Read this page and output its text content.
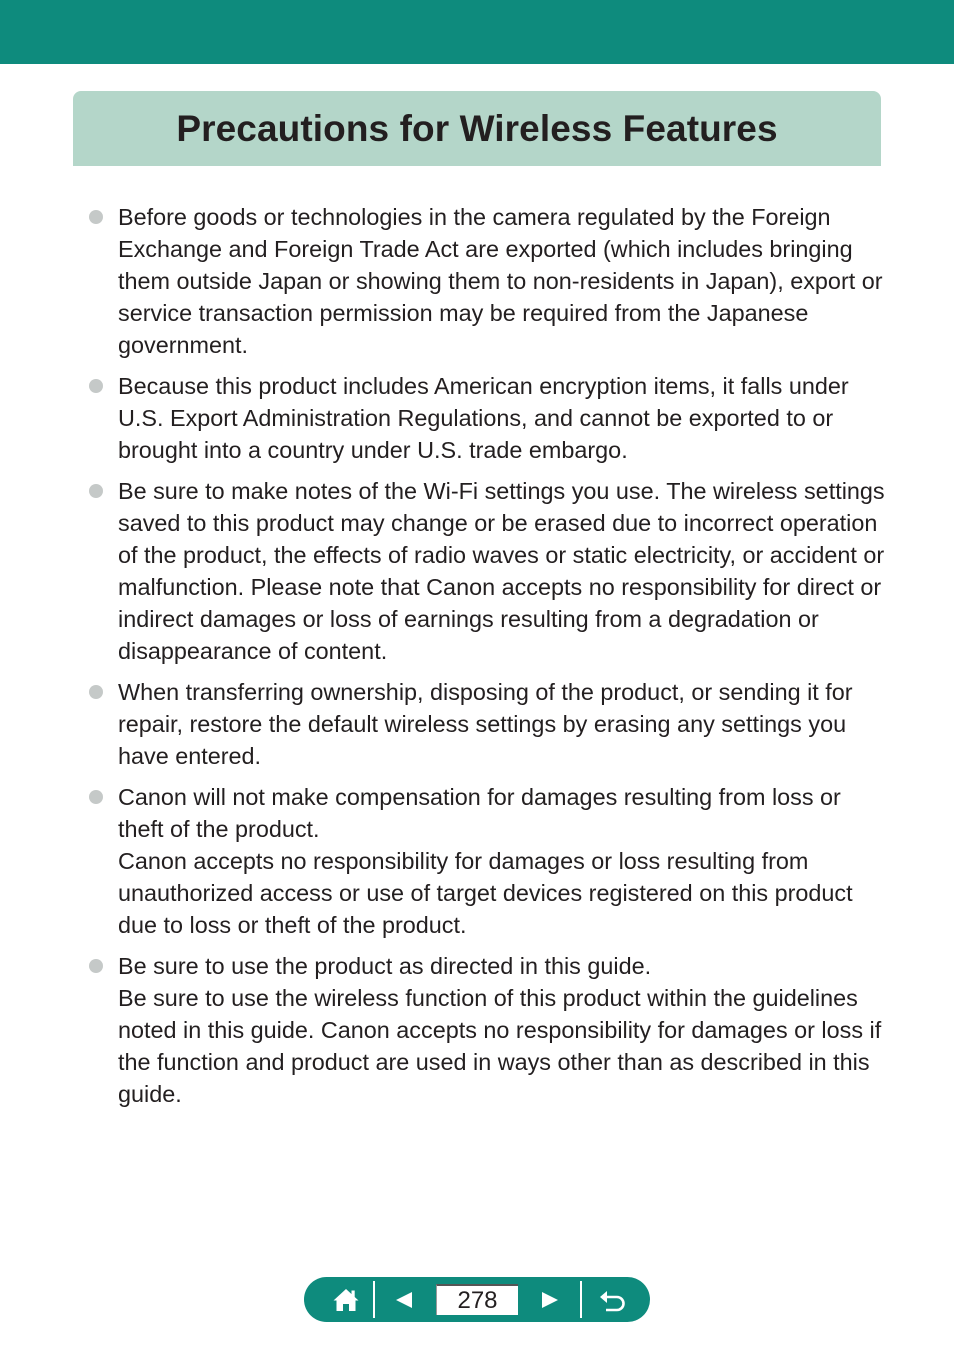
Precautions for Wireless Features

Before goods or technologies in the camera regulated by the Foreign Exchange and Foreign Trade Act are exported (which includes bringing them outside Japan or showing them to non-residents in Japan), export or service transaction permission may be required from the Japanese government.

Because this product includes American encryption items, it falls under U.S. Export Administration Regulations, and cannot be exported to or brought into a country under U.S. trade embargo.

Be sure to make notes of the Wi-Fi settings you use. The wireless settings saved to this product may change or be erased due to incorrect operation of the product, the effects of radio waves or static electricity, or accident or malfunction. Please note that Canon accepts no responsibility for direct or indirect damages or loss of earnings resulting from a degradation or disappearance of content.

When transferring ownership, disposing of the product, or sending it for repair, restore the default wireless settings by erasing any settings you have entered.

Canon will not make compensation for damages resulting from loss or theft of the product.

Canon accepts no responsibility for damages or loss resulting from unauthorized access or use of target devices registered on this product due to loss or theft of the product.

Be sure to use the product as directed in this guide.

Be sure to use the wireless function of this product within the guidelines noted in this guide. Canon accepts no responsibility for damages or loss if the function and product are used in ways other than as described in this guide.

278
